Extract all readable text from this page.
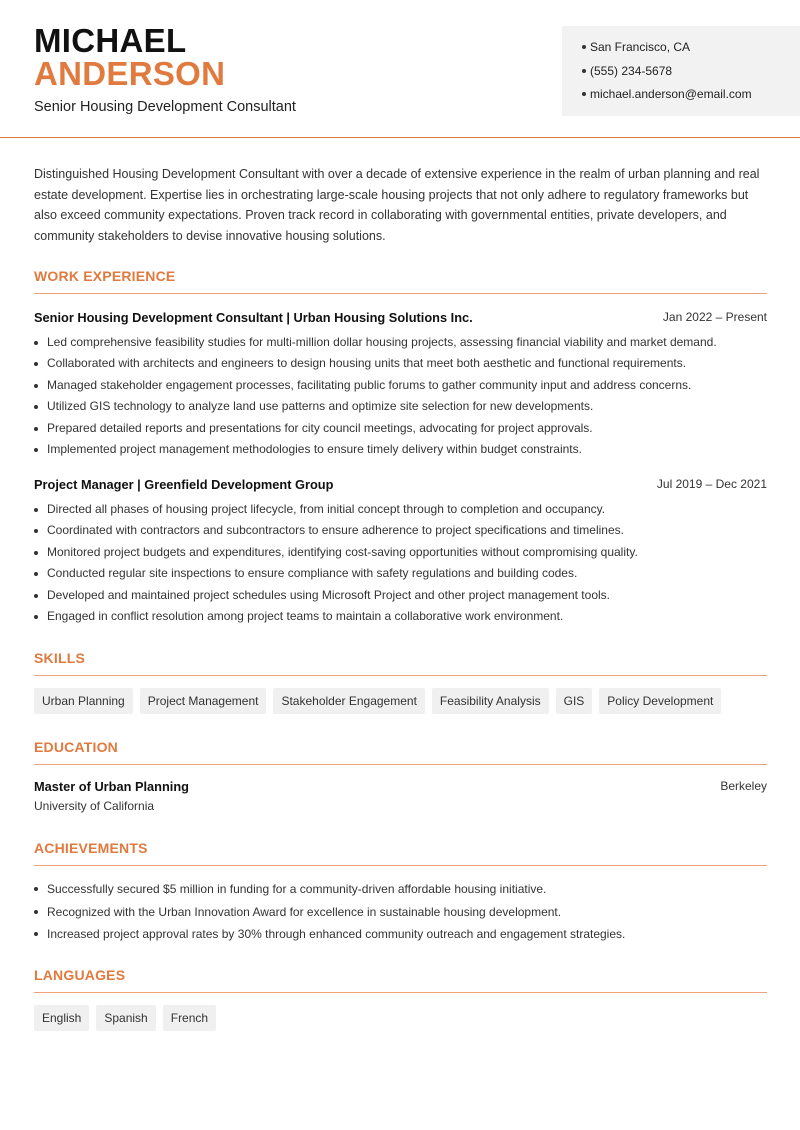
MICHAEL
ANDERSON
Senior Housing Development Consultant
San Francisco, CA
(555) 234-5678
michael.anderson@email.com
Distinguished Housing Development Consultant with over a decade of extensive experience in the realm of urban planning and real estate development. Expertise lies in orchestrating large-scale housing projects that not only adhere to regulatory frameworks but also exceed community expectations. Proven track record in collaborating with governmental entities, private developers, and community stakeholders to devise innovative housing solutions.
WORK EXPERIENCE
Senior Housing Development Consultant | Urban Housing Solutions Inc.	Jan 2022 – Present
Led comprehensive feasibility studies for multi-million dollar housing projects, assessing financial viability and market demand.
Collaborated with architects and engineers to design housing units that meet both aesthetic and functional requirements.
Managed stakeholder engagement processes, facilitating public forums to gather community input and address concerns.
Utilized GIS technology to analyze land use patterns and optimize site selection for new developments.
Prepared detailed reports and presentations for city council meetings, advocating for project approvals.
Implemented project management methodologies to ensure timely delivery within budget constraints.
Project Manager | Greenfield Development Group	Jul 2019 – Dec 2021
Directed all phases of housing project lifecycle, from initial concept through to completion and occupancy.
Coordinated with contractors and subcontractors to ensure adherence to project specifications and timelines.
Monitored project budgets and expenditures, identifying cost-saving opportunities without compromising quality.
Conducted regular site inspections to ensure compliance with safety regulations and building codes.
Developed and maintained project schedules using Microsoft Project and other project management tools.
Engaged in conflict resolution among project teams to maintain a collaborative work environment.
SKILLS
Urban Planning	Project Management	Stakeholder Engagement	Feasibility Analysis	GIS	Policy Development
EDUCATION
Master of Urban Planning	Berkeley
University of California
ACHIEVEMENTS
Successfully secured $5 million in funding for a community-driven affordable housing initiative.
Recognized with the Urban Innovation Award for excellence in sustainable housing development.
Increased project approval rates by 30% through enhanced community outreach and engagement strategies.
LANGUAGES
English	Spanish	French
